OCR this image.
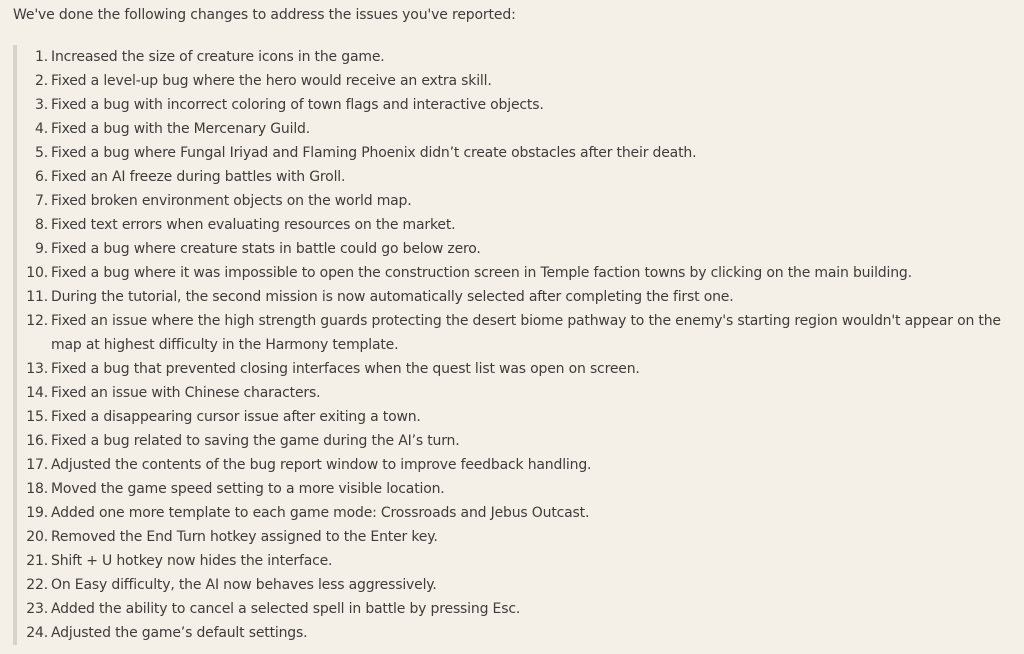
We've done the following changes to address the issues you've reported:
1. Increased the size of creature icons in the game.
2. Fixed a level-up bug where the hero would receive an extra skill.
3. Fixed a bug with incorrect coloring of town flags and interactive objects.
4. Fixed a bug with the Mercenary Guild.
5. Fixed a bug where Fungal Iriyad and Flaming Phoenix didn’t create obstacles after their death.
6. Fixed an AI freeze during battles with Groll.
7. Fixed broken environment objects on the world map.
8. Fixed text errors when evaluating resources on the market.
9. Fixed a bug where creature stats in battle could go below zero.
10. Fixed a bug where it was impossible to open the construction screen in Temple faction towns by clicking on the main building.
11. During the tutorial, the second mission is now automatically selected after completing the first one.
12. Fixed an issue where the high strength guards protecting the desert biome pathway to the enemy's starting region wouldn't appear on the map at highest difficulty in the Harmony template.
13. Fixed a bug that prevented closing interfaces when the quest list was open on screen.
14. Fixed an issue with Chinese characters.
15. Fixed a disappearing cursor issue after exiting a town.
16. Fixed a bug related to saving the game during the AI’s turn.
17. Adjusted the contents of the bug report window to improve feedback handling.
18. Moved the game speed setting to a more visible location.
19. Added one more template to each game mode: Crossroads and Jebus Outcast.
20. Removed the End Turn hotkey assigned to the Enter key.
21. Shift + U hotkey now hides the interface.
22. On Easy difficulty, the AI now behaves less aggressively.
23. Added the ability to cancel a selected spell in battle by pressing Esc.
24. Adjusted the game’s default settings.
